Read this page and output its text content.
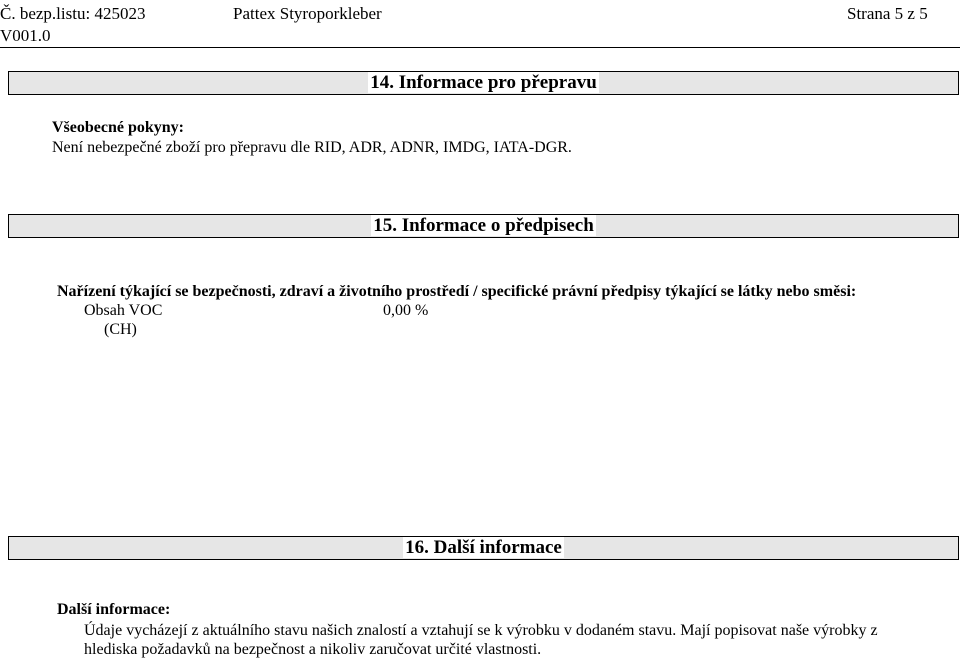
Č. bezp.listu: 425023
V001.0
Pattex Styroporkleber	Strana 5 z 5
14. Informace pro přepravu
Všeobecné pokyny:
Není nebezpečné zboží pro přepravu dle RID, ADR, ADNR, IMDG, IATA-DGR.
15. Informace o předpisech
Nařízení týkající se bezpečnosti, zdraví a životního prostředí / specifické právní předpisy týkající se látky nebo směsi:
Obsah VOC	0,00 %
(CH)
16. Další informace
Další informace:
Údaje vycházejí z aktuálního stavu našich znalostí a vztahují se k výrobku v dodaném stavu. Mají popisovat naše výrobky z
hlediska požadavků na bezpečnost a nikoliv zaručovat určité vlastnosti.
